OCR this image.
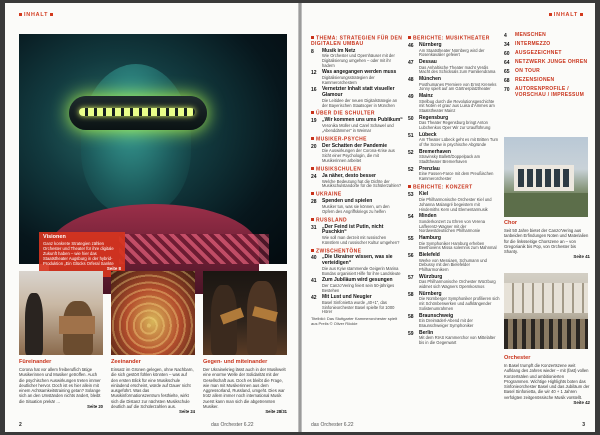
INHALT
Visionen
Ganz konkrete Strategien zählen Orchester und Theater für ihre digitale Zukunft haben – wie hier das Staatstheater Augsburg in der hybrid-Produktion „Ein Glücks Orferal Sankte
Seite 8
Füreinander
Corona hat vor allem freiberuflich tätige Musikerinnen und Musiker getroffen. Auch die psychischen Auswirkungen treten immer deutlicher hervor. Doch ist es hier allein mit einem Achtsamkeitstraining getan? Solange sich an den Umständen nichts ändert, bleibt die Situation prekär …
Seite 20
Zeeinander
Einsatz im Grünen gelegen, ohne Nachbarn, die sich gestört fühlen könnten – was auf den ersten Blick für eine Musikschule einladend erscheint, würde auf Dauer nicht ausgeführt. Was das Musikinformationszentrum festhielte, wirkt sich die Distanz zur nächsten Musikschule deutlich auf die Schülerzahlen aus.
Seite 24
Gegen- und miteinander
Der Ukrainekrieg lässt auch in der Musikwelt eine enorme Welle der Solidarität mit der Gesellschaft aus. Doch es bleibt die Frage, wie man mit Musikerinnen aus dem Aggressorland, Russland, umgeht. Dies war trotz allem immer noch international Musik zuerst kann man sich die abgetrennten Musiker.
Seite 28/31
2	das Orchester 6.22
INHALT
THEMA: STRATEGIEN FÜR DEN DIGITALEN UMBAU
8	Musik im Netz
Wie Orchester und Opernhäuser mit der Digitalisierung umgehen – oder mit ihr hadern
12	Was angegangen werden muss
Digitalisierungsstrategien der Kammerorchestern
16	Vernetzter Inhalt statt visueller Glamour
Die Leitidee der neuen Digitalstrategie an der Bayerischen Staatsoper in München
ÜBER DIE SCHULTER
19	„Wir kommen uns ums Publikum“
Veronika Müller und Carel Schawel und „Abenddämmer“ in Weimar
MUSIKER-PSYCHE
20	Der Schatten der Pandemie
Die Auswirkungen der Corona-Krise aus Sicht einer Psychologin, die mit Musikerinnen arbeitet
MUSIKSCHULEN
24	Ja näher, desto besser
Welche Bedeutung hat die Dichte der Musikschulstandorte für die Schülerzahlen?
UKRAINE
28	Spenden und spielen
Musiker tun, was sie können, um den Opfern des Angriffskriegs zu helfen
RUSSLAND
31	„Der Feind ist Putin, nicht Puschkin“
Wie soll man derzeit mit russischen Künstlern und russischer Kultur umgehen?
ZWISCHENTÖNE
40	„Die Ukrainer wissen, was sie verteidigen“
Die aus Kyiw stammende Geigerin Marina Bondas organisiert Hilfe für ihre Landsleute
41	Zum Jubiläum wird gesungen
Der Canzo'Vering feiert sein 50-jähriges Bestehen
42	Mit Lust und Neugier
Basel Sinfonietta wurde „40+1“, das Sinfonieorchester Basel spielte für 1000 Hörer
Titelbild: Das Stuttgarter Kammerorchester spielt aus Prelis © Oliver Röckle
BERICHTE: MUSIKTHEATER
46	Nürnberg
Am Staatstheater Nürnberg wird der Rosenkavalier gefeiert
47	Dessau
Das Anhaltische Theater macht Verdis Macht des Schicksals zum Familiendrama
48	München
Posthumanes Premiere von Ernst Kreneks Jonny spielt auf am Gärtnerplatztheater
49	Mainz
Strelbug durch die Revolutionsgeschichte mit Noten et grau' aus Luisa d'Ammes am Staatstheater Mainz
50	Regensburg
Das Theater Regensburg bringt Anton Lubchenkos Oper Wir zur Uraufführung
51	Lübeck
Am Theater Lübeck geht es mit Britten Turn of the Screw in psychische Abgründe
52	Bremerhaven
Stravinsky Ballett/Doppelpack am Stadttheater Bremerhaven
52	Prenzlau
Eine Fassen-Farce mit dem Preußischen Kammerorchester
BERICHTE: KONZERT
53	Kiel
Die Philharmonische Orchester Kiel und Johanna Malangré begeistern mit Hindemiths Kern und Elementarmusik
54	Minden
Sonderkonzert zu Ehren von Verena Lafferentz-Wagner mit der Nordwestdeutschen Philharmonie
55	Hamburg
Die Symphoniker Hamburg erheben Beethovens Missa solemnis zum Mahnmal
56	Bielefeld
Werke von Messiaen, Schumann und Debussy mit den Bielefelder Philharmonikern
57	Würzburg
Das Philharmonische Orchester Würzburg widmet sich Wagners Opernkosmos
58	Nürnberg
Die Nürnberger Symphoniker profilieren sich mit Schönberwerken und aufklängender Solistenumrahmen
58	Braunschweig
Ein Dreimäderl-Abend mit der Braunschweiger Symphoniker
59	Berlin
Mit dem RIAS Kammerchor von Mittelalter bis in die Gegenwart
4	MENSCHEN
34	INTERMEZZO
60	AUSGEZEICHNET
64	NETZWERK JUNGE OHREN
65	ON TOUR
68	REZENSIONEN
70	AUTORENPROFILE / VORSCHAU / IMPRESSUM
Chor
Seit 50 Jahre bietet der Canzo'Vering aus tanbeiden Erfindungen Noten und Materialien für die linksseitige Chorszene an – von Gregorianik bis Pop, von Orchester bis Shanty.
Seite 41
Orchester
In Basel trumpft die Konzertszene weit Aufklang des Jahres wieder – mit (fast) vollen Konzertsälen und ambitionierten Programmen. Wichtige Highlights boten das Sinfonieorchester Basel und das Jubiläum der Basel Sinfonietta, die wir 40 + 1 Jahren verfolgten zeitgenössische Musik vorstellt.
Seite 42
das Orchester 6.22	3
